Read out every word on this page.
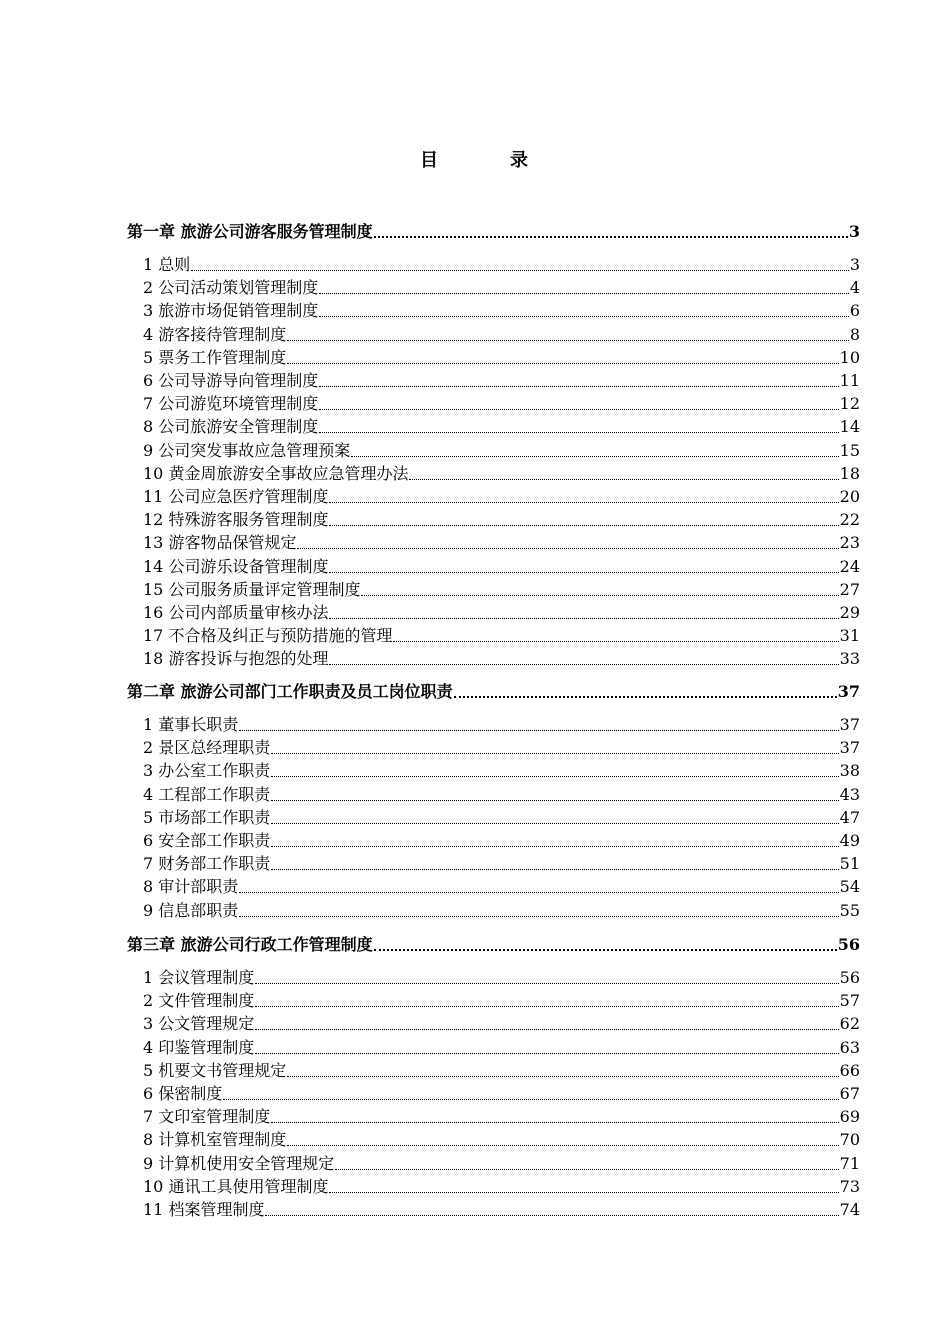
目	录
第一章 旅游公司游客服务管理制度	3
1 总则	3
2 公司活动策划管理制度	4
3 旅游市场促销管理制度	6
4 游客接待管理制度	8
5 票务工作管理制度	10
6 公司导游导向管理制度	11
7 公司游览环境管理制度	12
8 公司旅游安全管理制度	14
9 公司突发事故应急管理预案	15
10 黄金周旅游安全事故应急管理办法	18
11 公司应急医疗管理制度	20
12 特殊游客服务管理制度	22
13 游客物品保管规定	23
14 公司游乐设备管理制度	24
15 公司服务质量评定管理制度	27
16 公司内部质量审核办法	29
17 不合格及纠正与预防措施的管理	31
18 游客投诉与抱怨的处理	33
第二章 旅游公司部门工作职责及员工岗位职责	37
1 董事长职责	37
2 景区总经理职责	37
3 办公室工作职责	38
4 工程部工作职责	43
5 市场部工作职责	47
6 安全部工作职责	49
7 财务部工作职责	51
8 审计部职责	54
9 信息部职责	55
第三章 旅游公司行政工作管理制度	56
1 会议管理制度	56
2 文件管理制度	57
3 公文管理规定	62
4 印鉴管理制度	63
5 机要文书管理规定	66
6 保密制度	67
7 文印室管理制度	69
8 计算机室管理制度	70
9 计算机使用安全管理规定	71
10 通讯工具使用管理制度	73
11 档案管理制度	74
